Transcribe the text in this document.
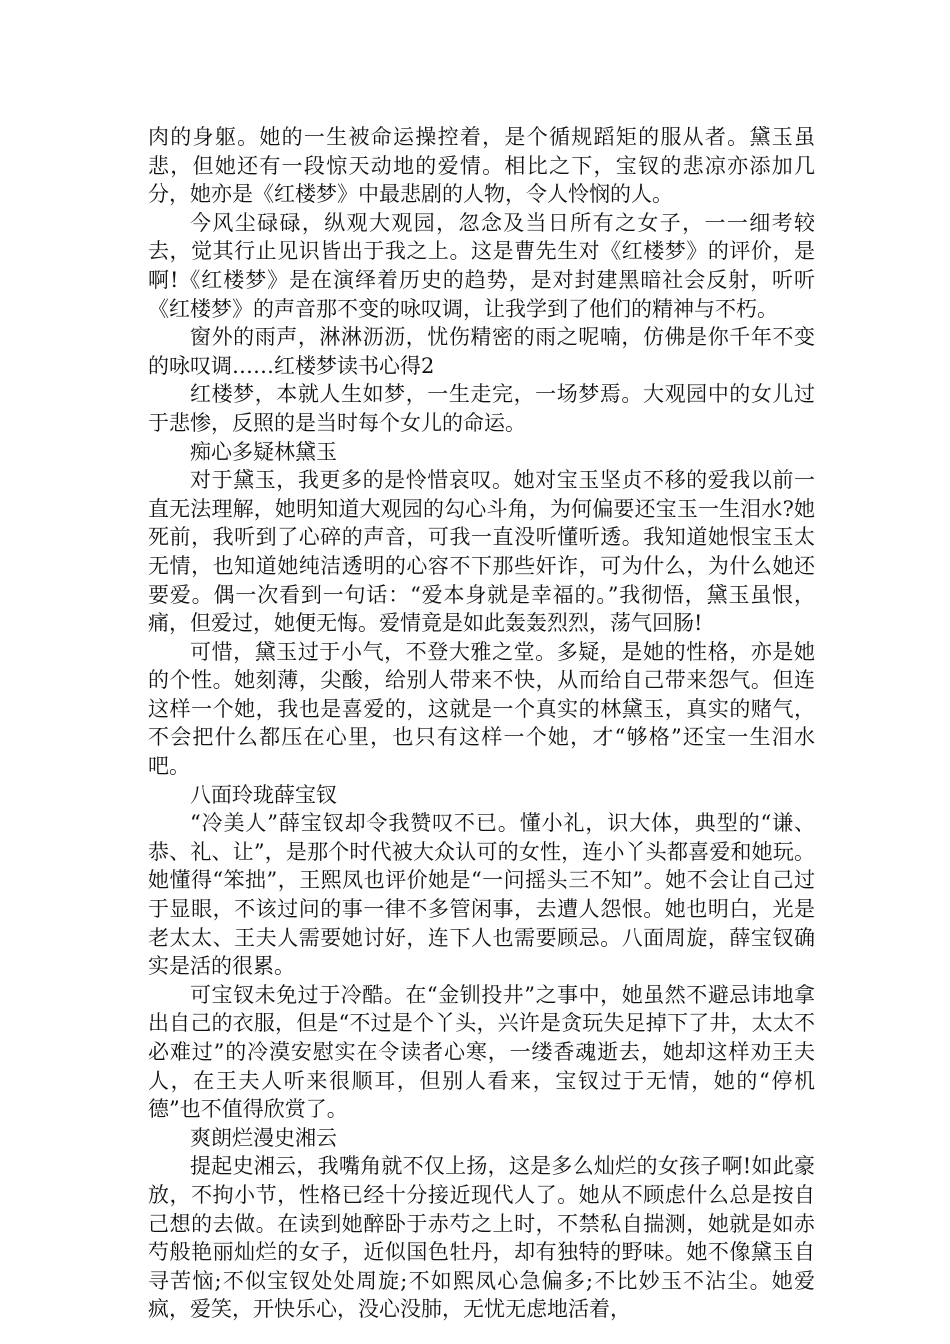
肉的身躯。她的一生被命运操控着，是个循规蹈矩的服从者。黛玉虽悲，但她还有一段惊天动地的爱情。相比之下，宝钗的悲凉亦添加几分，她亦是《红楼梦》中最悲剧的人物，令人怜悯的人。

今风尘碌碌，纵观大观园，忽念及当日所有之女子，一一细考较去，觉其行止见识皆出于我之上。这是曹先生对《红楼梦》的评价，是啊!《红楼梦》是在演绎着历史的趋势，是对封建黑暗社会反射，听听《红楼梦》的声音那不变的咏叹调，让我学到了他们的精神与不朽。

窗外的雨声，淋淋沥沥，忧伤精密的雨之呢喃，仿佛是你千年不变的咏叹调……红楼梦读书心得2

红楼梦，本就人生如梦，一生走完，一场梦焉。大观园中的女儿过于悲惨，反照的是当时每个女儿的命运。

痴心多疑林黛玉

对于黛玉，我更多的是怜惜哀叹。她对宝玉坚贞不移的爱我以前一直无法理解，她明知道大观园的勾心斗角，为何偏要还宝玉一生泪水?她死前，我听到了心碎的声音，可我一直没听懂听透。我知道她恨宝玉太无情，也知道她纯洁透明的心容不下那些奸诈，可为什么，为什么她还要爱。偶一次看到一句话：“爱本身就是幸福的。”我彻悟，黛玉虽恨，痛，但爱过，她便无悔。爱情竟是如此轰轰烈烈，荡气回肠!

可惜，黛玉过于小气，不登大雅之堂。多疑，是她的性格，亦是她的个性。她刻薄，尖酸，给别人带来不快，从而给自己带来怨气。但连这样一个她，我也是喜爱的，这就是一个真实的林黛玉，真实的赌气，不会把什么都压在心里，也只有这样一个她，才“够格”还宝一生泪水吧。

八面玲珑薛宝钗

“冷美人”薛宝钗却令我赞叹不已。懂小礼，识大体，典型的“谦、恭、礼、让”，是那个时代被大众认可的女性，连小丫头都喜爱和她玩。她懂得“笨拙”，王熙凤也评价她是“一问摇头三不知”。她不会让自己过于显眼，不该过问的事一律不多管闲事，去遭人怨恨。她也明白，光是老太太、王夫人需要她讨好，连下人也需要顾忌。八面周旋，薛宝钗确实是活的很累。

可宝钗未免过于冷酷。在“金钏投井”之事中，她虽然不避忌讳地拿出自己的衣服，但是“不过是个丫头，兴许是贪玩失足掉下了井，太太不必难过”的冷漠安慰实在令读者心寒，一缕香魂逝去，她却这样劝王夫人，在王夫人听来很顺耳，但别人看来，宝钗过于无情，她的“停机德”也不值得欣赏了。

爽朗烂漫史湘云

提起史湘云，我嘴角就不仅上扬，这是多么灿烂的女孩子啊!如此豪放，不拘小节，性格已经十分接近现代人了。她从不顾虑什么总是按自己想的去做。在读到她醉卧于赤芍之上时，不禁私自揣测，她就是如赤芍般艳丽灿烂的女子，近似国色牡丹，却有独特的野味。她不像黛玉自寻苦恼;不似宝钗处处周旋;不如熙凤心急偏多;不比妙玉不沾尘。她爱疯，爱笑，开快乐心，没心没肺，无忧无虑地活着，
